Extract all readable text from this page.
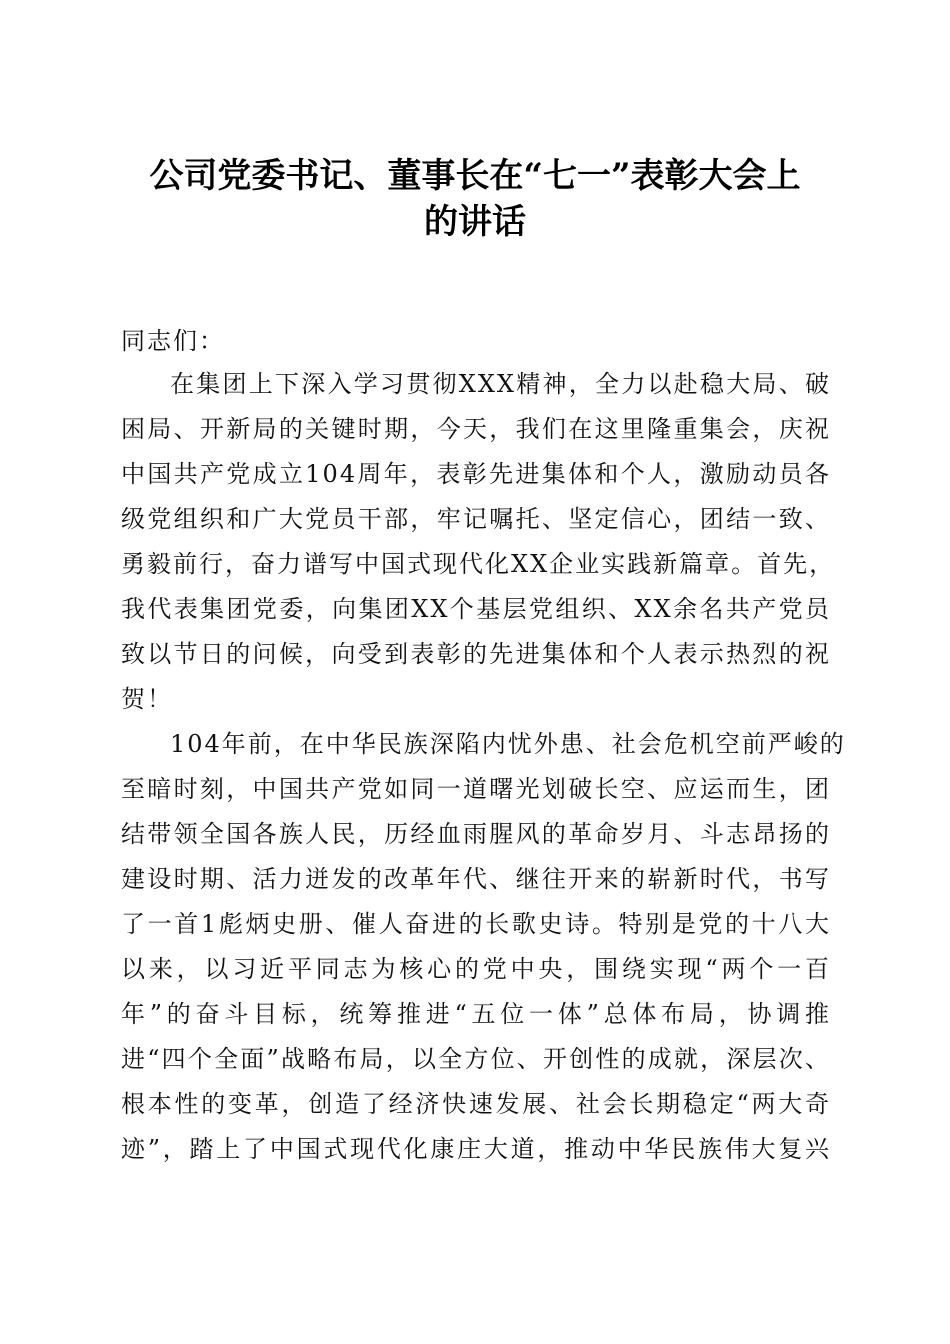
公司党委书记、董事长在“七一”表彰大会上
的讲话
同志们：
在集团上下深入学习贯彻XXX精神，全力以赴稳大局、破
困局、开新局的关键时期，今天，我们在这里隆重集会，庆祝
中国共产党成立104周年，表彰先进集体和个人，激励动员各
级党组织和广大党员干部，牢记嘱托、坚定信心，团结一致、
勇毅前行，奋力谱写中国式现代化XX企业实践新篇章。首先，
我代表集团党委，向集团XX个基层党组织、XX余名共产党员
致以节日的问候，向受到表彰的先进集体和个人表示热烈的祝
贺！
104年前，在中华民族深陷内忧外患、社会危机空前严峻的
至暗时刻，中国共产党如同一道曙光划破长空、应运而生，团
结带领全国各族人民，历经血雨腥风的革命岁月、斗志昂扬的
建设时期、活力迸发的改革年代、继往开来的崭新时代，书写
了一首1彪炳史册、催人奋进的长歌史诗。特别是党的十八大
以来，以习近平同志为核心的党中央，围绕实现“两个一百
年”的奋斗目标，统筹推进“五位一体”总体布局，协调推
进“四个全面”战略布局，以全方位、开创性的成就，深层次、
根本性的变革，创造了经济快速发展、社会长期稳定“两大奇
迹”，踏上了中国式现代化康庄大道，推动中华民族伟大复兴
